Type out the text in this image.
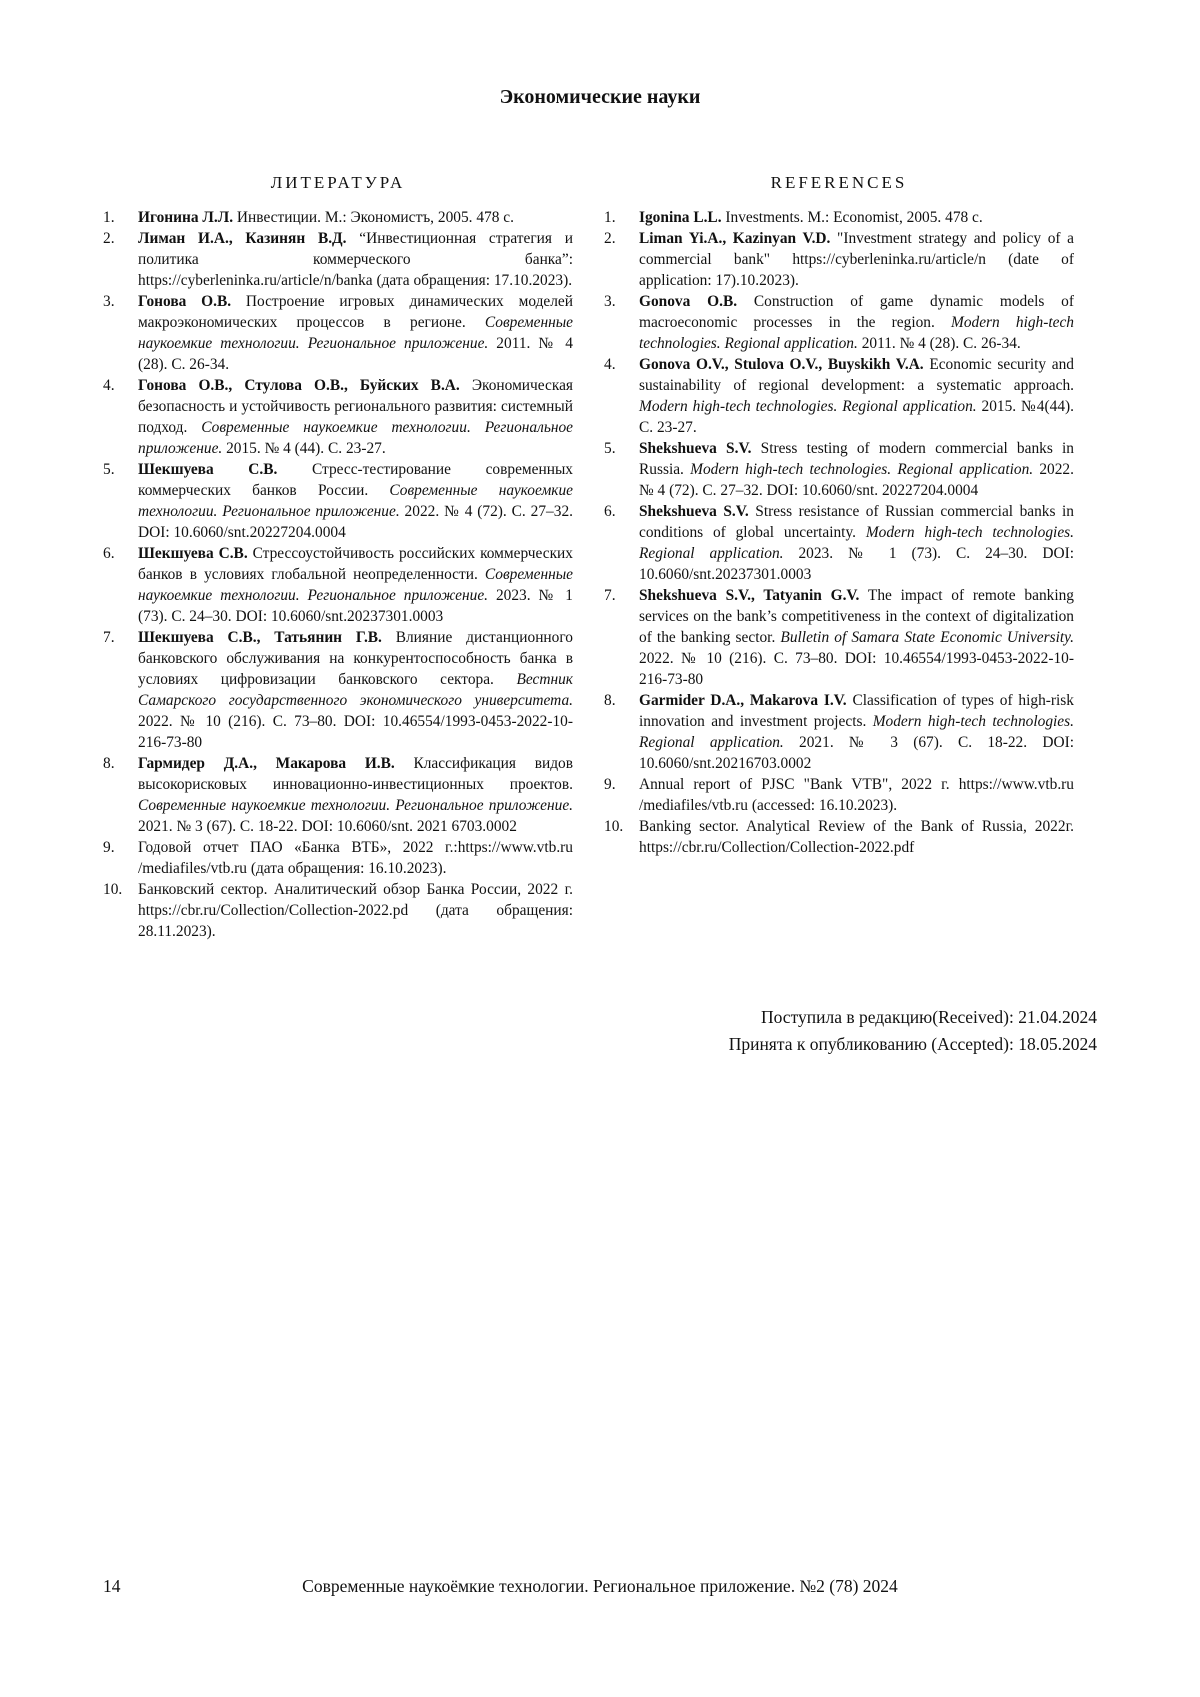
Экономические науки
ЛИТЕРАТУРА
1.	Игонина Л.Л. Инвестиции. М.: Экономистъ, 2005. 478 с.
2.	Лиман И.А., Казинян В.Д. “Инвестиционная стратегия и политика коммерческого банка”: https://cyberleninka.ru/article/n/banka (дата обращения: 17.10.2023).
3.	Гонова О.В. Построение игровых динамических моделей макроэкономических процессов в регионе. Современные наукоемкие технологии. Региональное приложение. 2011. № 4 (28). С. 26-34.
4.	Гонова О.В., Стулова О.В., Буйских В.А. Экономическая безопасность и устойчивость регионального развития: системный подход. Современные наукоемкие технологии. Региональное приложение. 2015. № 4 (44). С. 23-27.
5.	Шекшуева С.В. Стресс-тестирование современных коммерческих банков России. Современные наукоемкие технологии. Региональное приложение. 2022. № 4 (72). С. 27–32. DOI: 10.6060/snt.20227204.0004
6.	Шекшуева С.В. Стрессоустойчивость российских коммерческих банков в условиях глобальной неопределенности. Современные наукоемкие технологии. Региональное приложение. 2023. № 1 (73). С. 24–30. DOI: 10.6060/snt.20237301.0003
7.	Шекшуева С.В., Татьянин Г.В. Влияние дистанционного банковского обслуживания на конкурентоспособность банка в условиях цифровизации банковского сектора. Вестник Самарского государственного экономического университета. 2022. № 10 (216). С. 73–80. DOI: 10.46554/1993-0453-2022-10-216-73-80
8.	Гармидер Д.А., Макарова И.В. Классификация видов высокорисковых инновационно-инвестиционных проектов. Современные наукоемкие технологии. Региональное приложение. 2021. № 3 (67). С. 18-22. DOI: 10.6060/snt. 2021 6703.0002
9.	Годовой отчет ПАО «Банка ВТБ», 2022 г.:https://www.vtb.ru /mediafiles/vtb.ru (дата обращения: 16.10.2023).
10.	Банковский сектор. Аналитический обзор Банка России, 2022 г. https://cbr.ru/Collection/Collection-2022.pd (дата обращения: 28.11.2023).
REFERENCES
1.	Igonina L.L. Investments. M.: Economist, 2005. 478 c.
2.	Liman Yi.A., Kazinyan V.D. "Investment strategy and policy of a commercial bank" https://cyberleninka.ru/article/n (date of application: 17).10.2023).
3.	Gonova O.B. Construction of game dynamic models of macroeconomic processes in the region. Modern high-tech technologies. Regional application. 2011. № 4 (28). C. 26-34.
4.	Gonova O.V., Stulova O.V., Buyskikh V.A. Economic security and sustainability of regional development: a systematic approach. Modern high-tech technologies. Regional application. 2015. №4(44). C. 23-27.
5.	Shekshueva S.V. Stress testing of modern commercial banks in Russia. Modern high-tech technologies. Regional application. 2022. № 4 (72). C. 27–32. DOI: 10.6060/snt. 20227204.0004
6.	Shekshueva S.V. Stress resistance of Russian commercial banks in conditions of global uncertainty. Modern high-tech technologies. Regional application. 2023. № 1 (73). C. 24–30. DOI: 10.6060/snt.20237301.0003
7.	Shekshueva S.V., Tatyanin G.V. The impact of remote banking services on the bank’s competitiveness in the context of digitalization of the banking sector. Bulletin of Samara State Economic University. 2022. № 10 (216). C. 73–80. DOI: 10.46554/1993-0453-2022-10-216-73-80
8.	Garmider D.A., Makarova I.V. Classification of types of high-risk innovation and investment projects. Modern high-tech technologies. Regional application. 2021. № 3 (67). C. 18-22. DOI: 10.6060/snt.20216703.0002
9.	Annual report of PJSC "Bank VTB", 2022 г. https://www.vtb.ru /mediafiles/vtb.ru (accessed: 16.10.2023).
10.	Banking sector. Analytical Review of the Bank of Russia, 2022г. https://cbr.ru/Collection/Collection-2022.pdf
Поступила в редакцию(Received): 21.04.2024
Принята к опубликованию (Accepted): 18.05.2024
14	Современные наукоёмкие технологии. Региональное приложение. №2 (78) 2024
